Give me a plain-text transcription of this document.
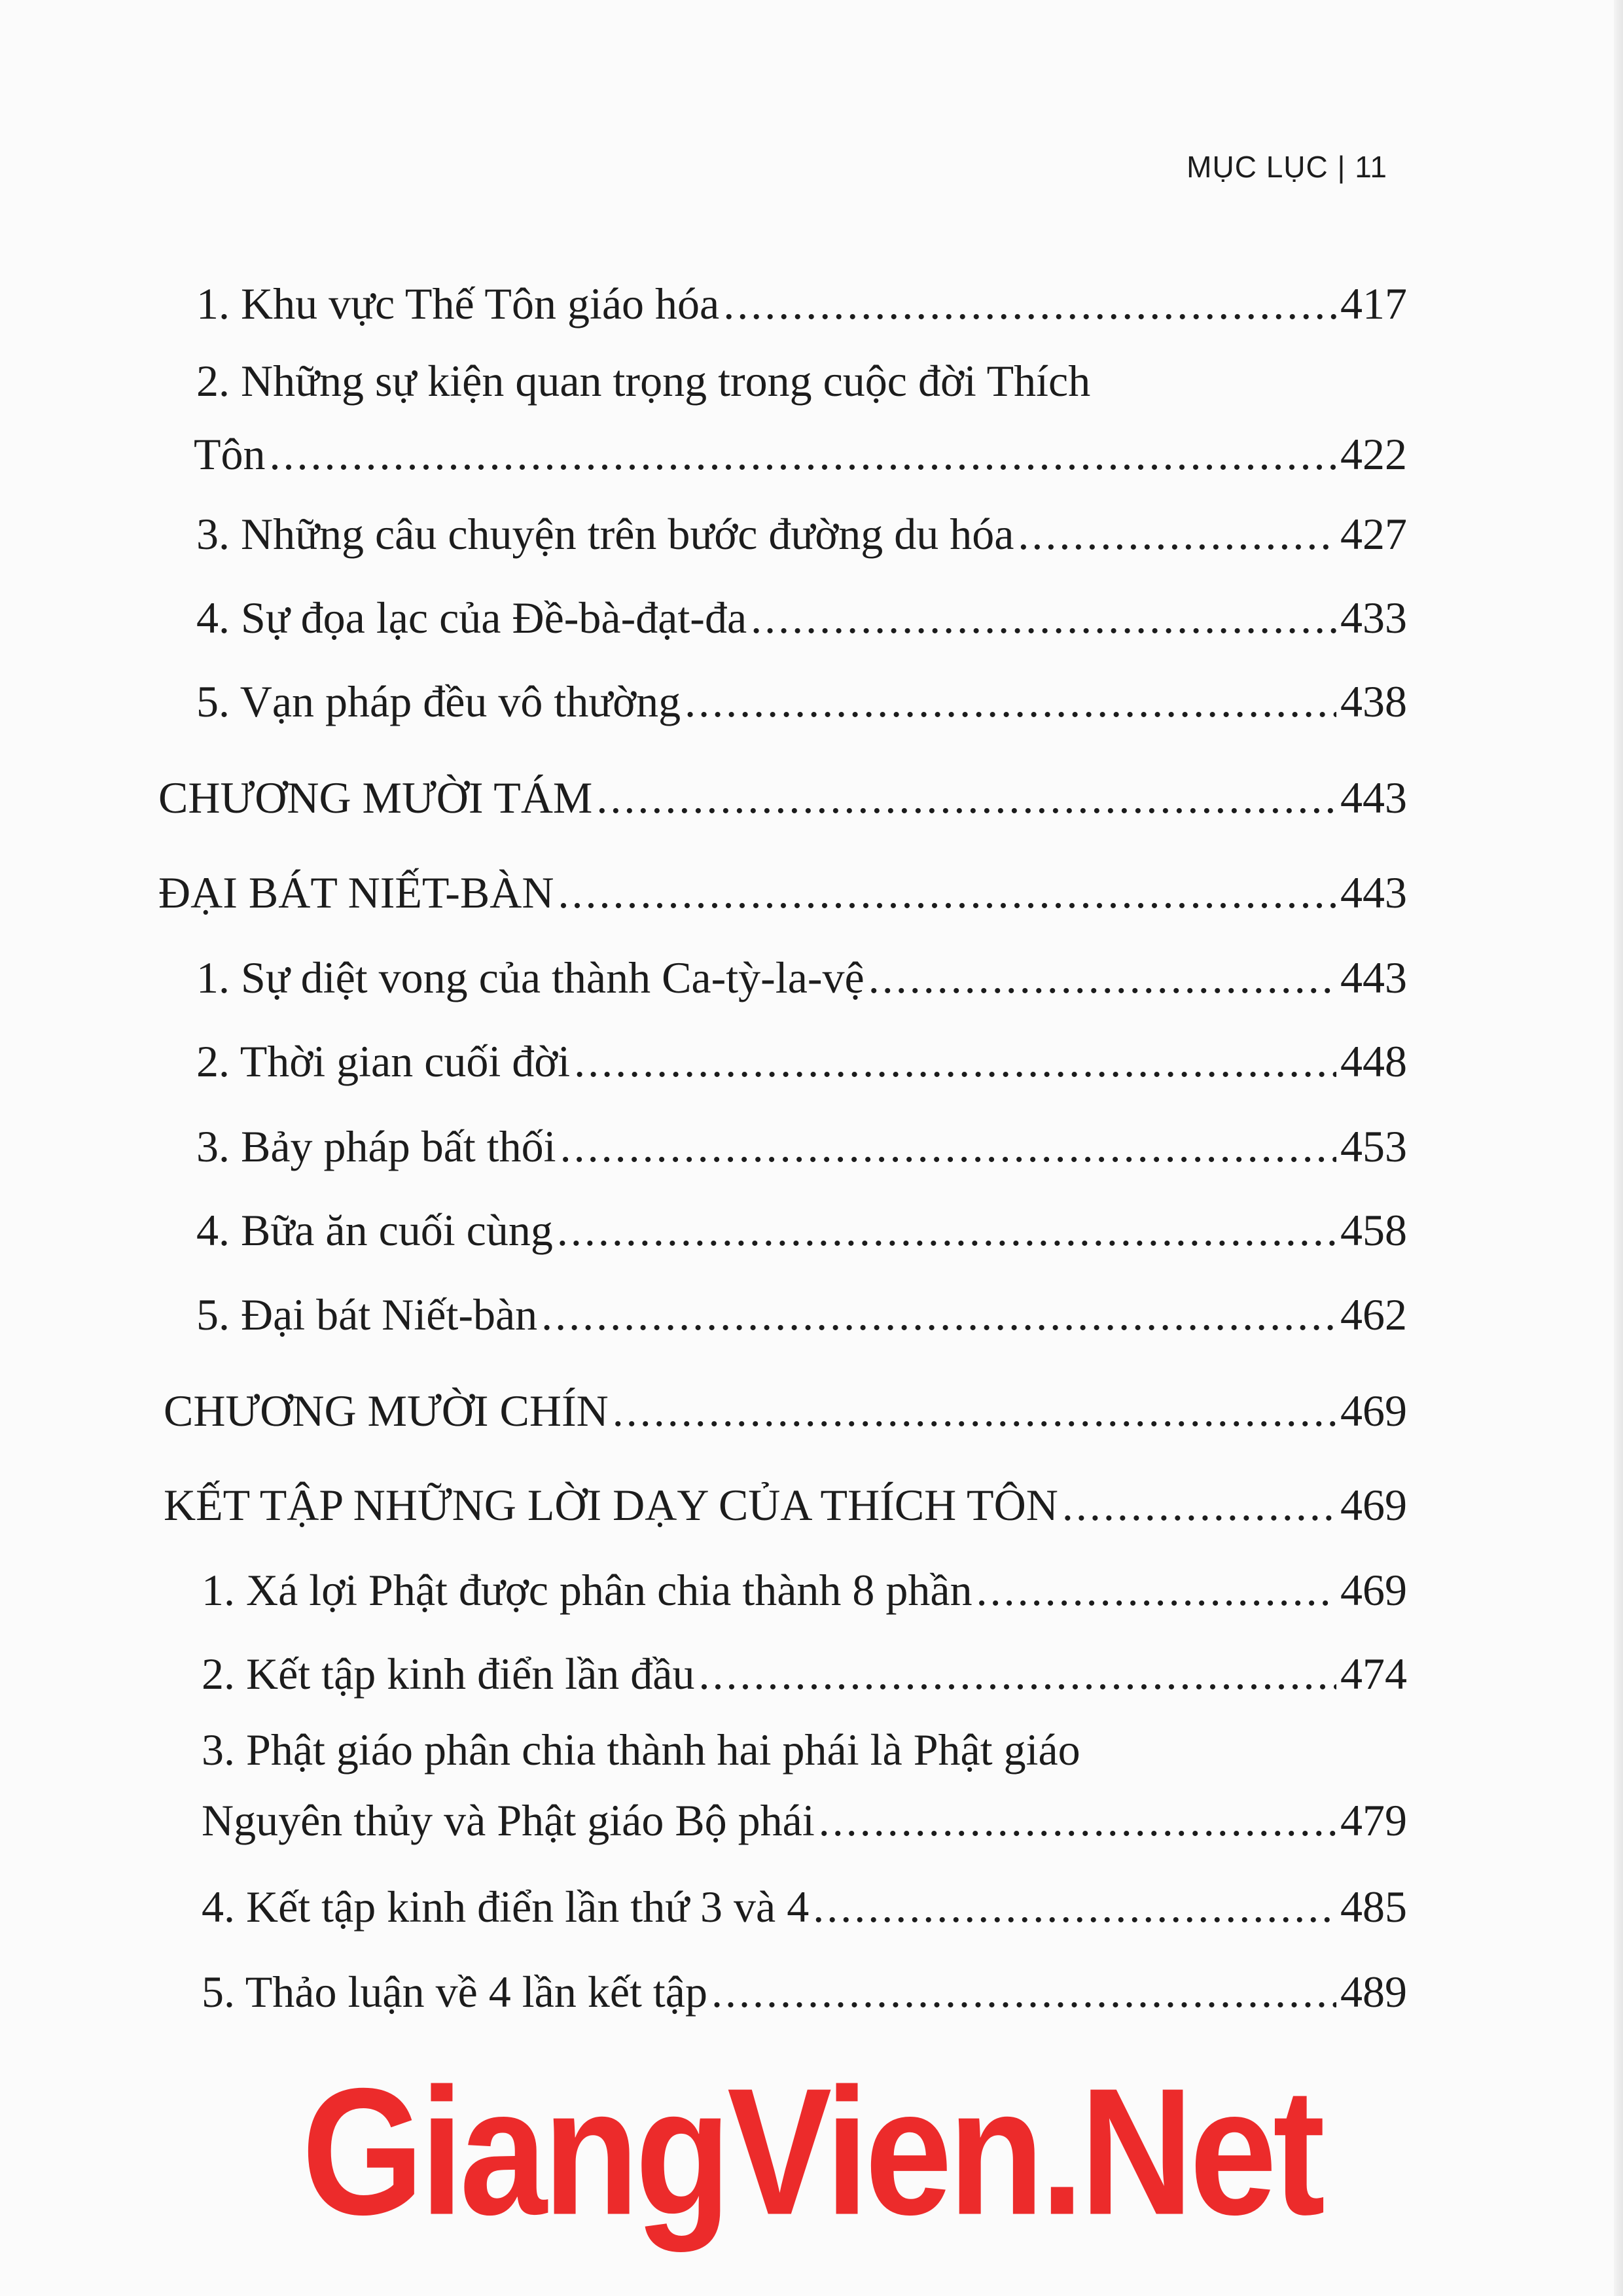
MỤC LỤC | 11
1. Khu vực Thế Tôn giáo hóa .....	417
2. Những sự kiện quan trọng trong cuộc đời Thích
Tôn .....	422
3. Những câu chuyện trên bước đường du hóa .....	427
4. Sự đọa lạc của Đề-bà-đạt-đa .....	433
5. Vạn pháp đều vô thường .....	438
CHƯƠNG MƯỜI TÁM .....	443
ĐẠI BÁT NIẾT-BÀN .....	443
1. Sự diệt vong của thành Ca-tỳ-la-vệ .....	443
2. Thời gian cuối đời .....	448
3. Bảy pháp bất thối .....	453
4. Bữa ăn cuối cùng .....	458
5. Đại bát Niết-bàn .....	462
CHƯƠNG MƯỜI CHÍN .....	469
KẾT TẬP NHỮNG LỜI DẠY CỦA THÍCH TÔN .....	469
1. Xá lợi Phật được phân chia thành 8 phần .....	469
2. Kết tập kinh điển lần đầu .....	474
3. Phật giáo phân chia thành hai phái là Phật giáo
Nguyên thủy và Phật giáo Bộ phái .....	479
4. Kết tập kinh điển lần thứ 3 và 4 .....	485
5. Thảo luận về 4 lần kết tập .....	489
GiangVien.Net
